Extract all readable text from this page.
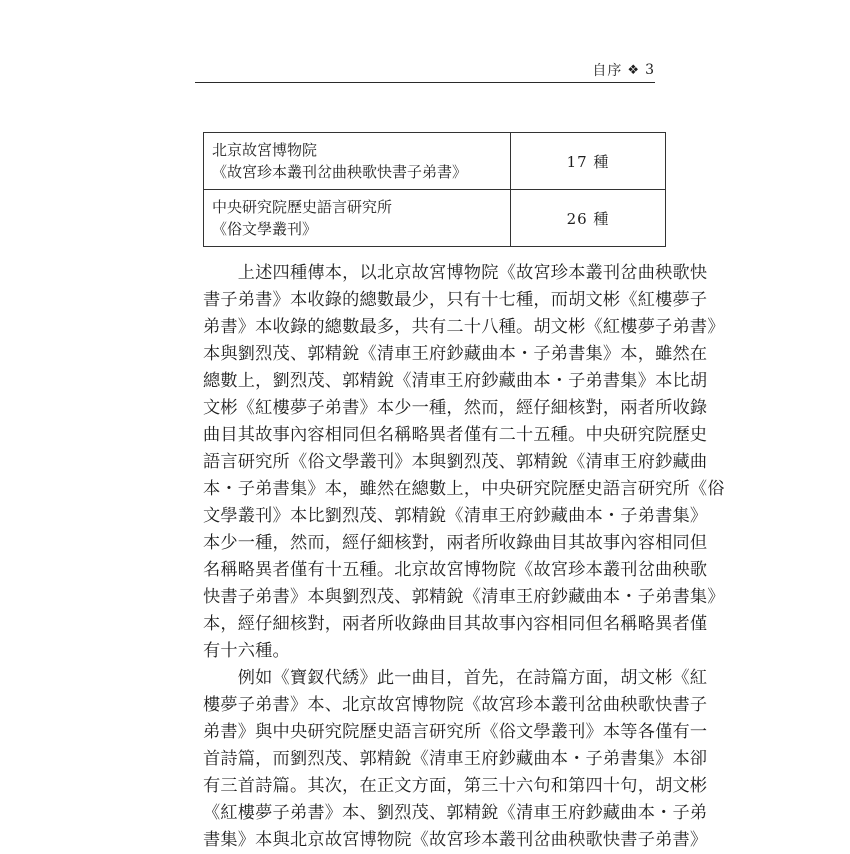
自序 ❖ 3
北京故宮博物院
《故宮珍本叢刊岔曲秧歌快書子弟書》	17 種

中央研究院歷史語言研究所
《俗文學叢刊》	26 種
　　上述四種傳本，以北京故宮博物院《故宮珍本叢刊岔曲秧歌快
書子弟書》本收錄的總數最少，只有十七種，而胡文彬《紅樓夢子
弟書》本收錄的總數最多，共有二十八種。胡文彬《紅樓夢子弟書》
本與劉烈茂、郭精銳《清車王府鈔藏曲本・子弟書集》本，雖然在
總數上，劉烈茂、郭精銳《清車王府鈔藏曲本・子弟書集》本比胡
文彬《紅樓夢子弟書》本少一種，然而，經仔細核對，兩者所收錄
曲目其故事內容相同但名稱略異者僅有二十五種。中央研究院歷史
語言研究所《俗文學叢刊》本與劉烈茂、郭精銳《清車王府鈔藏曲
本・子弟書集》本，雖然在總數上，中央研究院歷史語言研究所《俗
文學叢刊》本比劉烈茂、郭精銳《清車王府鈔藏曲本・子弟書集》
本少一種，然而，經仔細核對，兩者所收錄曲目其故事內容相同但
名稱略異者僅有十五種。北京故宮博物院《故宮珍本叢刊岔曲秧歌
快書子弟書》本與劉烈茂、郭精銳《清車王府鈔藏曲本・子弟書集》
本，經仔細核對，兩者所收錄曲目其故事內容相同但名稱略異者僅
有十六種。
　　例如《寶釵代綉》此一曲目，首先，在詩篇方面，胡文彬《紅
樓夢子弟書》本、北京故宮博物院《故宮珍本叢刊岔曲秧歌快書子
弟書》與中央研究院歷史語言研究所《俗文學叢刊》本等各僅有一
首詩篇，而劉烈茂、郭精銳《清車王府鈔藏曲本・子弟書集》本卻
有三首詩篇。其次，在正文方面，第三十六句和第四十句，胡文彬
《紅樓夢子弟書》本、劉烈茂、郭精銳《清車王府鈔藏曲本・子弟
書集》本與北京故宮博物院《故宮珍本叢刊岔曲秧歌快書子弟書》
